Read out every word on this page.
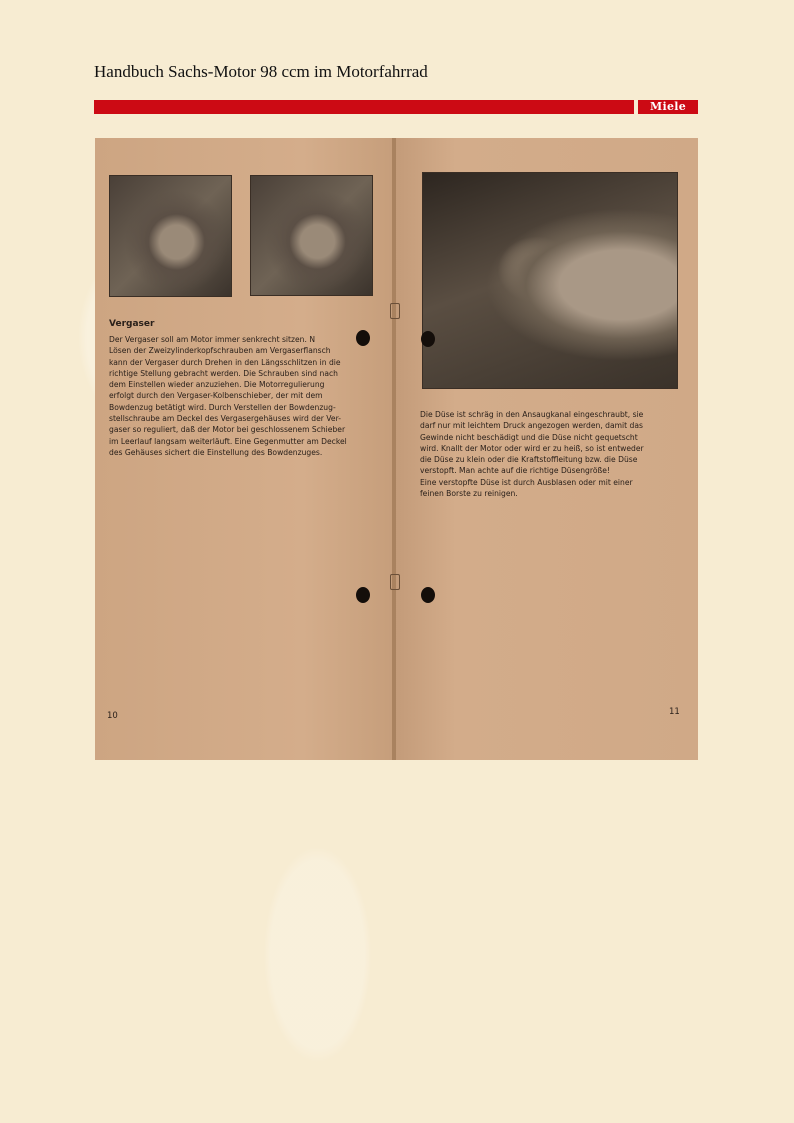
Handbuch Sachs-Motor 98 ccm im Motorfahrrad
Miele
Vergaser
Der Vergaser soll am Motor immer senkrecht sitzen. N
Lösen der Zweizylinderkopfschrauben am Vergaserflansch
kann der Vergaser durch Drehen in den Längsschlitzen in die
richtige Stellung gebracht werden. Die Schrauben sind nach
dem Einstellen wieder anzuziehen. Die Motorregulierung
erfolgt durch den Vergaser-Kolbenschieber, der mit dem
Bowdenzug betätigt wird. Durch Verstellen der Bowdenzug-
stellschraube am Deckel des Vergasergehäuses wird der Ver-
gaser so reguliert, daß der Motor bei geschlossenem Schieber
im Leerlauf langsam weiterläuft. Eine Gegenmutter am Deckel
des Gehäuses sichert die Einstellung des Bowdenzuges.
Die Düse ist schräg in den Ansaugkanal eingeschraubt, sie
darf nur mit leichtem Druck angezogen werden, damit das
Gewinde nicht beschädigt und die Düse nicht gequetscht
wird. Knallt der Motor oder wird er zu heiß, so ist entweder
die Düse zu klein oder die Kraftstoffleitung bzw. die Düse
verstopft. Man achte auf die richtige Düsengröße!
Eine verstopfte Düse ist durch Ausblasen oder mit einer
feinen Borste zu reinigen.
10	11
